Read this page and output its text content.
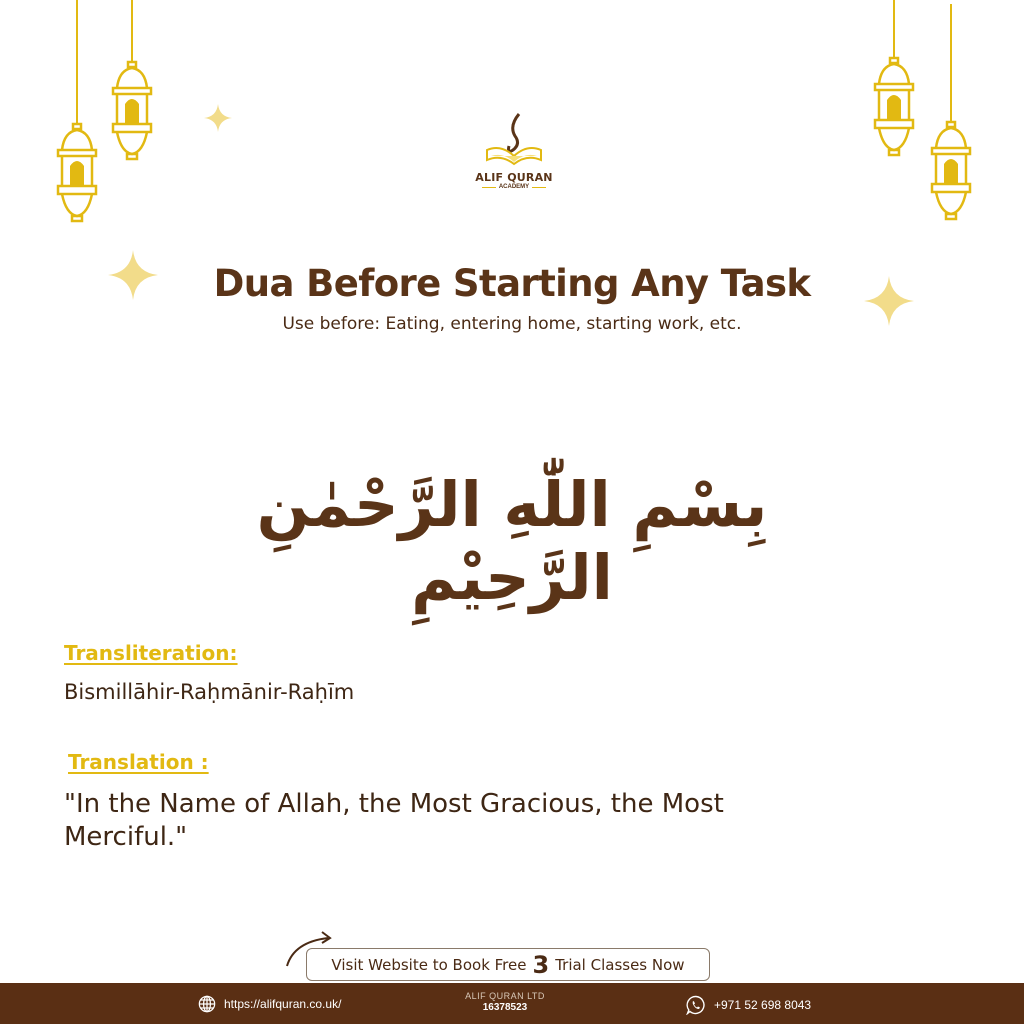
ALIF QURAN
ACADEMY
Dua Before Starting Any Task
Use before: Eating, entering home, starting work, etc.
بِسْمِ اللّٰهِ الرَّحْمٰنِ الرَّحِيْمِ
Transliteration:
Bismillāhir-Raḥmānir-Raḥīm
Translation :
"In the Name of Allah, the Most Gracious, the Most Merciful."
Visit Website to Book Free 3 Trial Classes Now
https://alifquran.co.uk/
ALIF QURAN LTD
16378523	+971 52 698 8043
